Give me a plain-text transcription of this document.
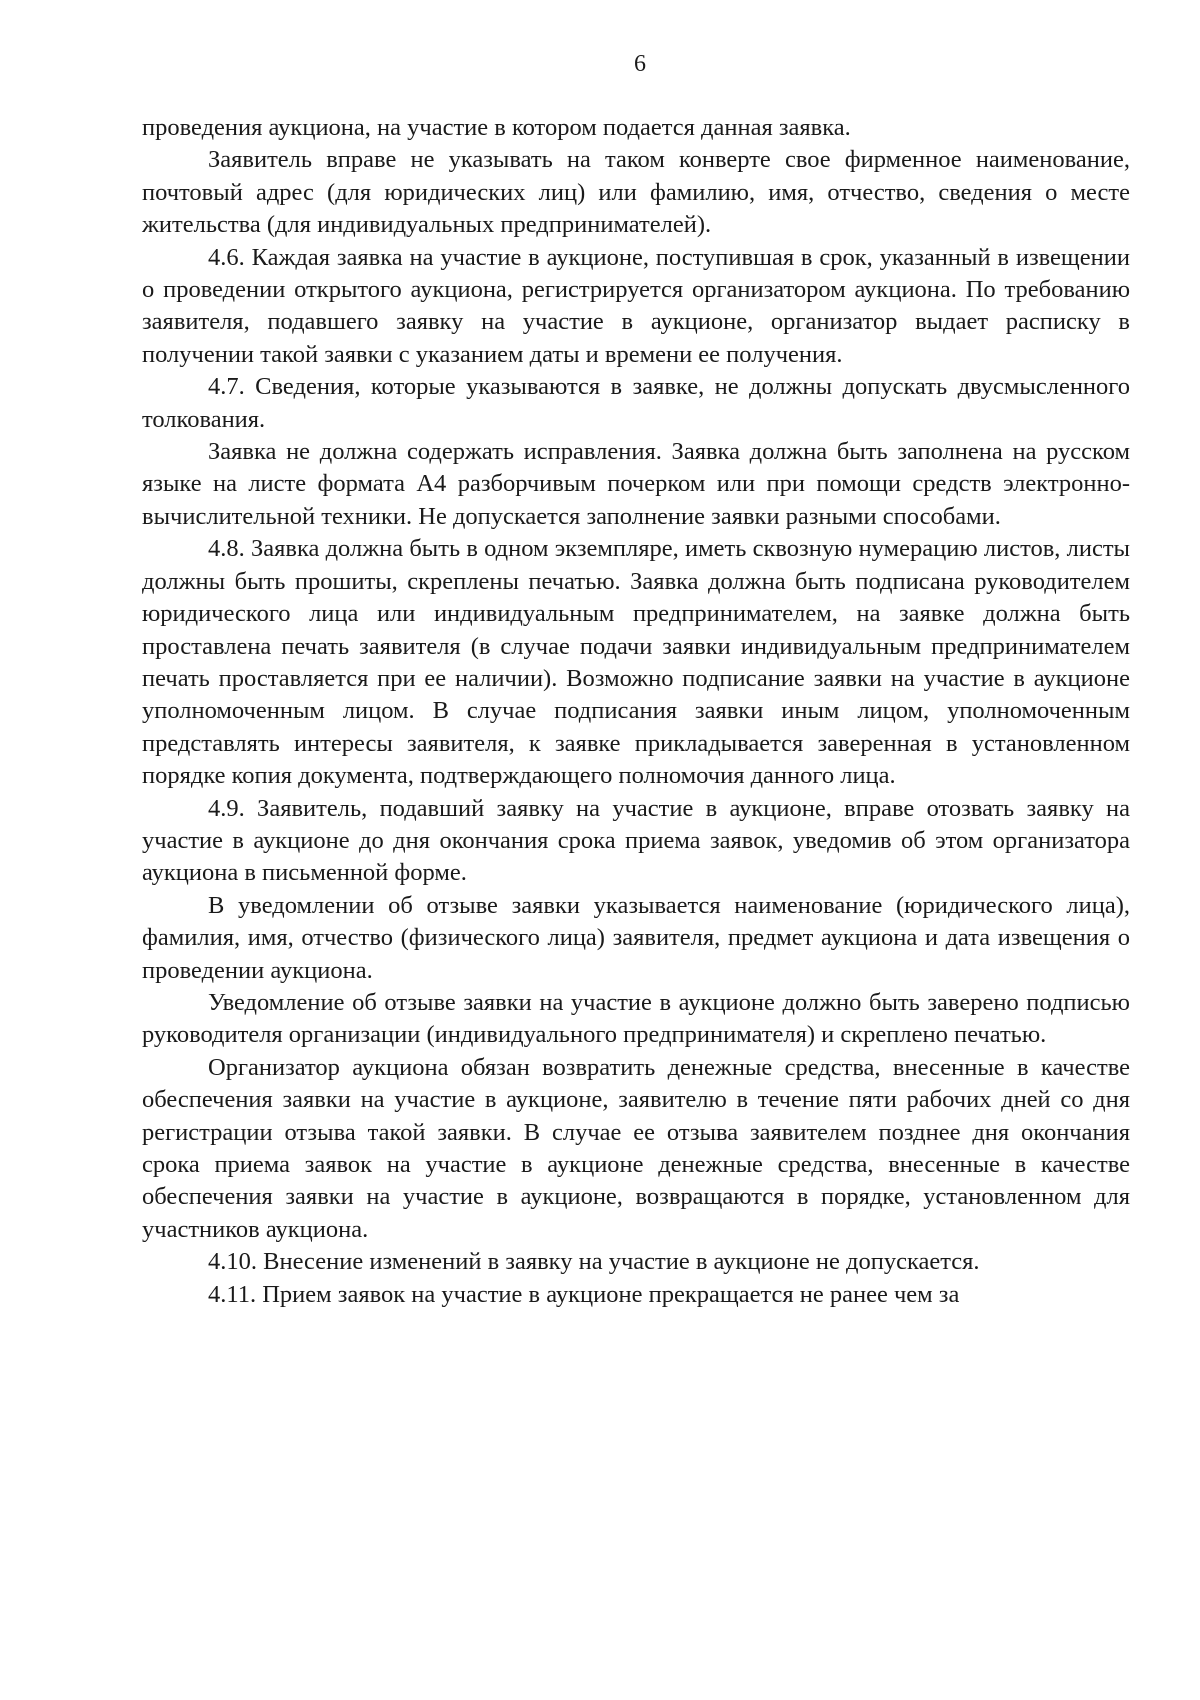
6

проведения аукциона, на участие в котором подается данная заявка.

Заявитель вправе не указывать на таком конверте свое фирменное наименование, почтовый адрес (для юридических лиц) или фамилию, имя, отчество, сведения о месте жительства (для индивидуальных предпринимателей).

4.6. Каждая заявка на участие в аукционе, поступившая в срок, указанный в извещении о проведении открытого аукциона, регистрируется организатором аукциона. По требованию заявителя, подавшего заявку на участие в аукционе, организатор выдает расписку в получении такой заявки с указанием даты и времени ее получения.

4.7. Сведения, которые указываются в заявке, не должны допускать двусмысленного толкования.

Заявка не должна содержать исправления. Заявка должна быть заполнена на русском языке на листе формата А4 разборчивым почерком или при помощи средств электронно-вычислительной техники. Не допускается заполнение заявки разными способами.

4.8. Заявка должна быть в одном экземпляре, иметь сквозную нумерацию листов, листы должны быть прошиты, скреплены печатью. Заявка должна быть подписана руководителем юридического лица или индивидуальным предпринимателем, на заявке должна быть проставлена печать заявителя (в случае подачи заявки индивидуальным предпринимателем печать проставляется при ее наличии). Возможно подписание заявки на участие в аукционе уполномоченным лицом. В случае подписания заявки иным лицом, уполномоченным представлять интересы заявителя, к заявке прикладывается заверенная в установленном порядке копия документа, подтверждающего полномочия данного лица.

4.9. Заявитель, подавший заявку на участие в аукционе, вправе отозвать заявку на участие в аукционе до дня окончания срока приема заявок, уведомив об этом организатора аукциона в письменной форме.

В уведомлении об отзыве заявки указывается наименование (юридического лица), фамилия, имя, отчество (физического лица) заявителя, предмет аукциона и дата извещения о проведении аукциона.

Уведомление об отзыве заявки на участие в аукционе должно быть заверено подписью руководителя организации (индивидуального предпринимателя) и скреплено печатью.

Организатор аукциона обязан возвратить денежные средства, внесенные в качестве обеспечения заявки на участие в аукционе, заявителю в течение пяти рабочих дней со дня регистрации отзыва такой заявки. В случае ее отзыва заявителем позднее дня окончания срока приема заявок на участие в аукционе денежные средства, внесенные в качестве обеспечения заявки на участие в аукционе, возвращаются в порядке, установленном для участников аукциона.

4.10. Внесение изменений в заявку на участие в аукционе не допускается.

4.11. Прием заявок на участие в аукционе прекращается не ранее чем за
